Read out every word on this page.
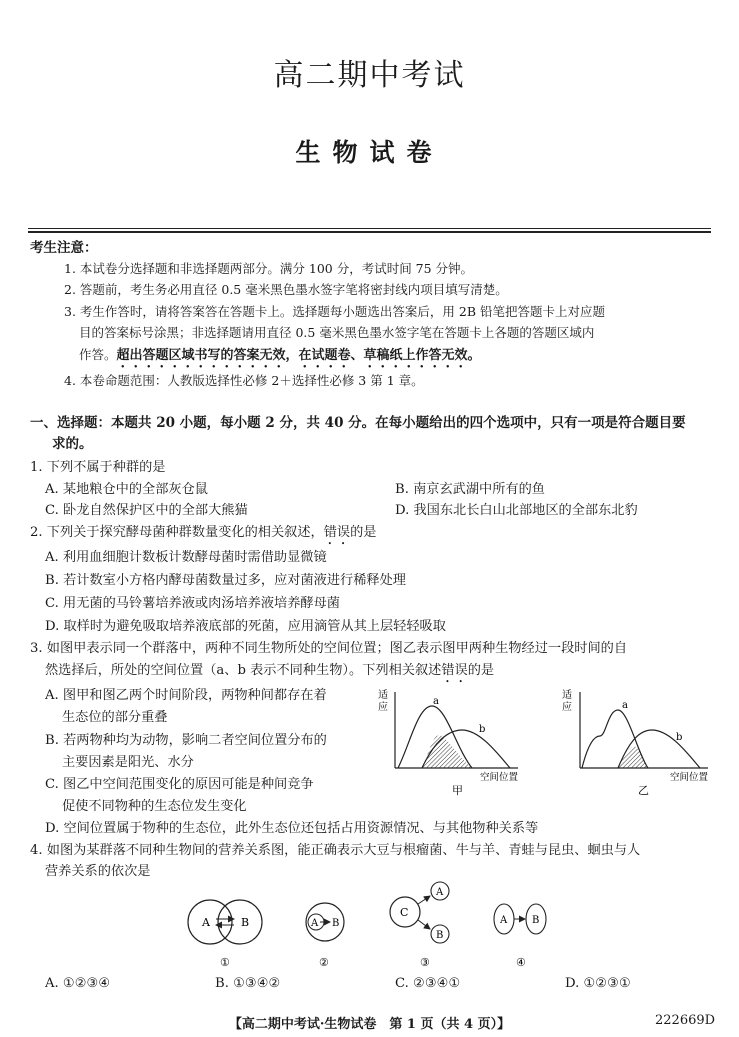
高二期中考试
生物试卷
考生注意：
1. 本试卷分选择题和非选择题两部分。满分 100 分，考试时间 75 分钟。
2. 答题前，考生务必用直径 0.5 毫米黑色墨水签字笔将密封线内项目填写清楚。
3. 考生作答时，请将答案答在答题卡上。选择题每小题选出答案后，用 2B 铅笔把答题卡上对应题
目的答案标号涂黑；非选择题请用直径 0.5 毫米黑色墨水签字笔在答题卡上各题的答题区域内
作答。超出答题区域书写的答案无效，在试题卷、草稿纸上作答无效。
4. 本卷命题范围：人教版选择性必修 2＋选择性必修 3 第 1 章。
一、选择题：本题共 20 小题，每小题 2 分，共 40 分。在每小题给出的四个选项中，只有一项是符合题目要
求的。
1. 下列不属于种群的是
A. 某地粮仓中的全部灰仓鼠	B. 南京玄武湖中所有的鱼
C. 卧龙自然保护区中的全部大熊猫	D. 我国东北长白山北部地区的全部东北豹
2. 下列关于探究酵母菌种群数量变化的相关叙述，错误的是
A. 利用血细胞计数板计数酵母菌时需借助显微镜
B. 若计数室小方格内酵母菌数量过多，应对菌液进行稀释处理
C. 用无菌的马铃薯培养液或肉汤培养液培养酵母菌
D. 取样时为避免吸取培养液底部的死菌，应用滴管从其上层轻轻吸取
3. 如图甲表示同一个群落中，两种不同生物所处的空间位置；图乙表示图甲两种生物经过一段时间的自
然选择后，所处的空间位置（a、b 表示不同种生物）。下列相关叙述错误的是
A. 图甲和图乙两个时间阶段，两物种间都存在着
生态位的部分重叠
B. 若两物种均为动物，影响二者空间位置分布的
主要因素是阳光、水分
C. 图乙中空间范围变化的原因可能是种间竞争
促使不同物种的生态位发生变化
D. 空间位置属于物种的生态位，此外生态位还包括占用资源情况、与其他物种关系等
适
应
空间位置
a
b
甲
适
应
空间位置
a
b
乙
4. 如图为某群落不同种生物间的营养关系图，能正确表示大豆与根瘤菌、牛与羊、青蛙与昆虫、蛔虫与人
营养关系的依次是
A	B
①
A B
②
C
A
B
③
A B
④
A. ①②③④	B. ①③④②	C. ②③④①	D. ①②③①
【高二期中考试·生物试卷　第 1 页（共 4 页）】	222669D
